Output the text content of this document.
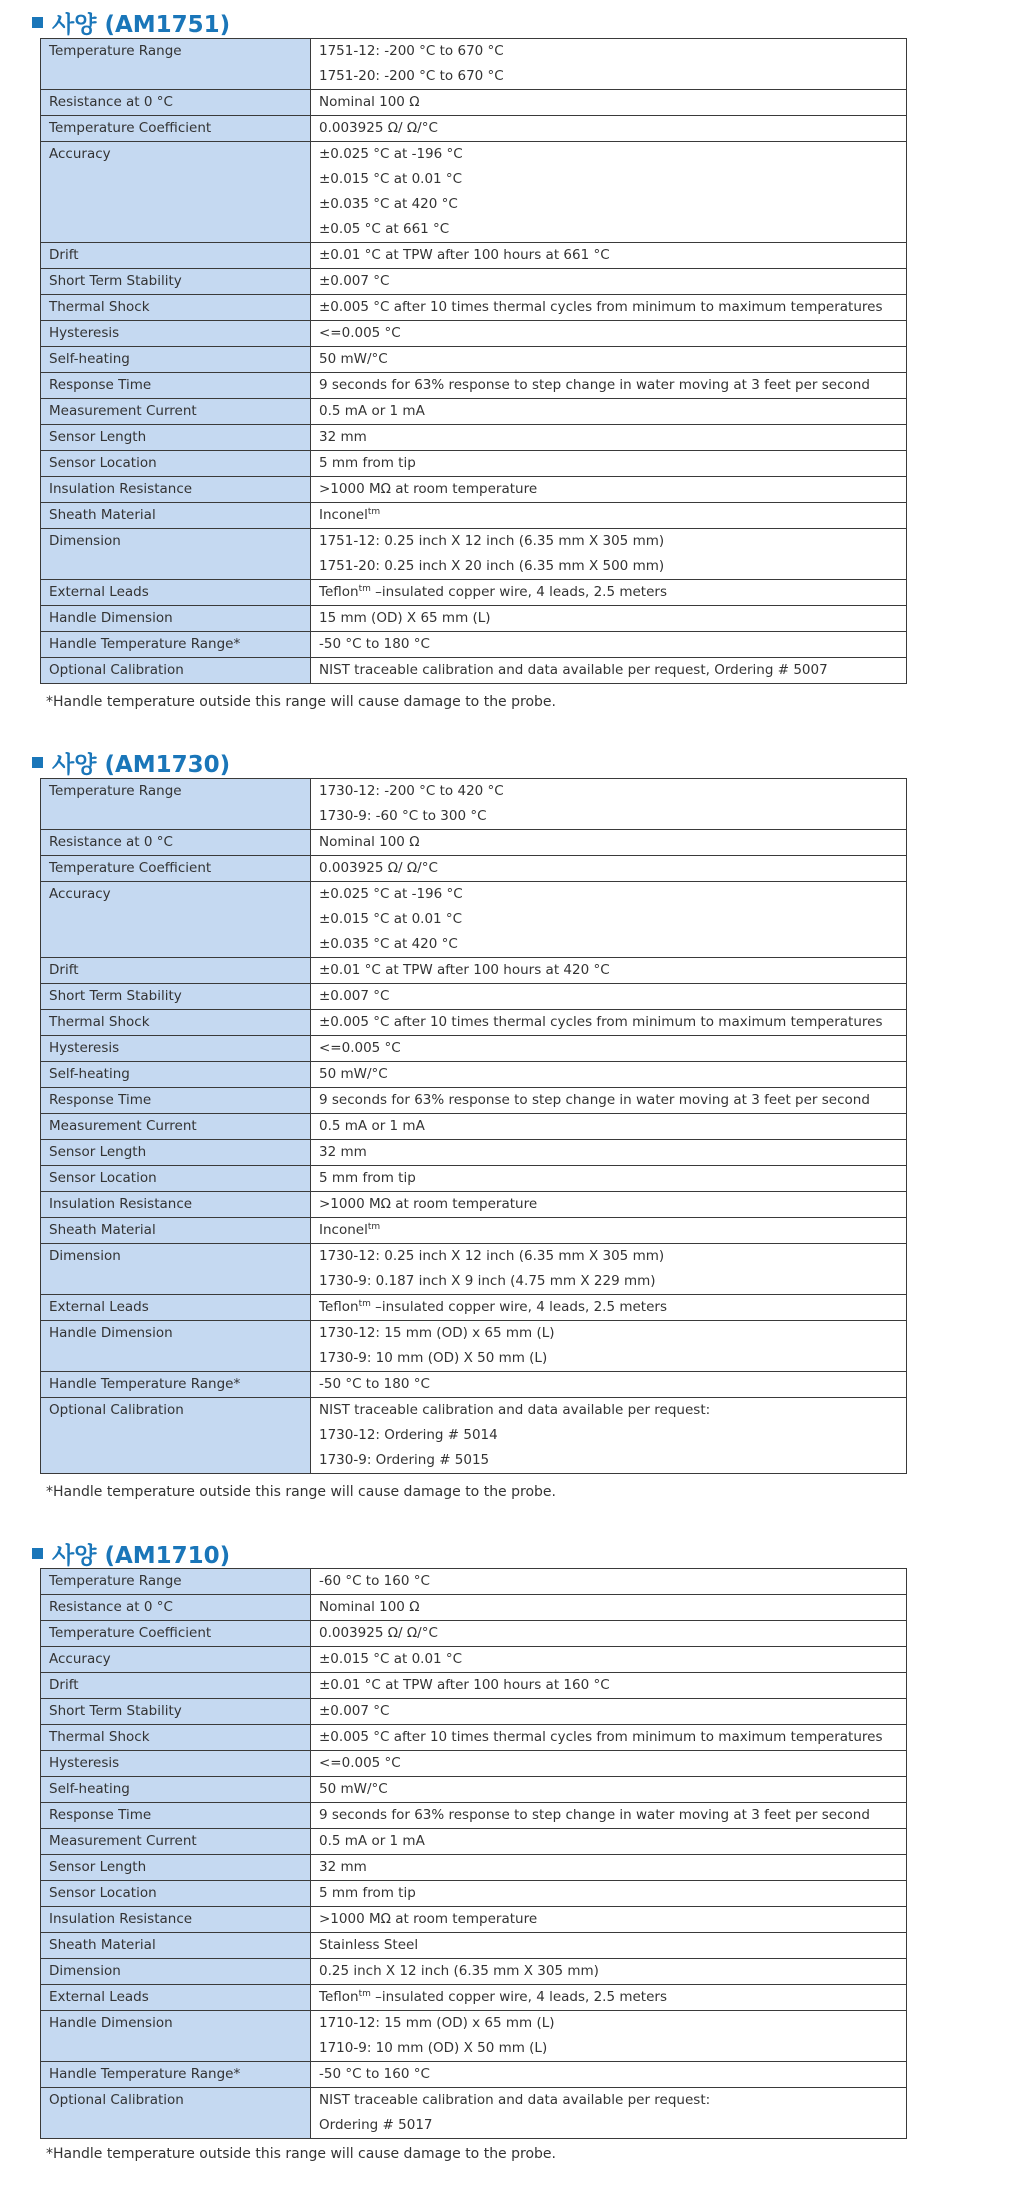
사양 (AM1751)
Temperature Range	1751-12: -200 °C to 670 °C
1751-20: -200 °C to 670 °C

Resistance at 0 °C	Nominal 100 Ω

Temperature Coefficient	0.003925 Ω/ Ω/°C

Accuracy	±0.025 °C at -196 °C
±0.015 °C at 0.01 °C
±0.035 °C at 420 °C
±0.05 °C at 661 °C

Drift	±0.01 °C at TPW after 100 hours at 661 °C

Short Term Stability	±0.007 °C

Thermal Shock	±0.005 °C after 10 times thermal cycles from minimum to maximum temperatures

Hysteresis	<=0.005 °C

Self-heating	50 mW/°C

Response Time	9 seconds for 63% response to step change in water moving at 3 feet per second

Measurement Current	0.5 mA or 1 mA

Sensor Length	32 mm

Sensor Location	5 mm from tip

Insulation Resistance	>1000 MΩ at room temperature

Sheath Material	Inconel$^{tm}$

Dimension	1751-12: 0.25 inch X 12 inch (6.35 mm X 305 mm)
1751-20: 0.25 inch X 20 inch (6.35 mm X 500 mm)

External Leads	Teflon$^{tm}$ –insulated copper wire, 4 leads, 2.5 meters

Handle Dimension	15 mm (OD) X 65 mm (L)

Handle Temperature Range*	-50 °C to 180 °C

Optional Calibration	NIST traceable calibration and data available per request, Ordering # 5007
*Handle temperature outside this range will cause damage to the probe.
사양 (AM1730)
Temperature Range	1730-12: -200 °C to 420 °C
1730-9: -60 °C to 300 °C

Resistance at 0 °C	Nominal 100 Ω

Temperature Coefficient	0.003925 Ω/ Ω/°C

Accuracy	±0.025 °C at -196 °C
±0.015 °C at 0.01 °C
±0.035 °C at 420 °C

Drift	±0.01 °C at TPW after 100 hours at 420 °C

Short Term Stability	±0.007 °C

Thermal Shock	±0.005 °C after 10 times thermal cycles from minimum to maximum temperatures

Hysteresis	<=0.005 °C

Self-heating	50 mW/°C

Response Time	9 seconds for 63% response to step change in water moving at 3 feet per second

Measurement Current	0.5 mA or 1 mA

Sensor Length	32 mm

Sensor Location	5 mm from tip

Insulation Resistance	>1000 MΩ at room temperature

Sheath Material	Inconel$^{tm}$

Dimension	1730-12: 0.25 inch X 12 inch (6.35 mm X 305 mm)
1730-9: 0.187 inch X 9 inch (4.75 mm X 229 mm)

External Leads	Teflon$^{tm}$ –insulated copper wire, 4 leads, 2.5 meters

Handle Dimension	1730-12: 15 mm (OD) x 65 mm (L)
1730-9: 10 mm (OD) X 50 mm (L)

Handle Temperature Range*	-50 °C to 180 °C

Optional Calibration	NIST traceable calibration and data available per request:
1730-12: Ordering # 5014
1730-9: Ordering # 5015
*Handle temperature outside this range will cause damage to the probe.
사양 (AM1710)
Temperature Range	-60 °C to 160 °C

Resistance at 0 °C	Nominal 100 Ω

Temperature Coefficient	0.003925 Ω/ Ω/°C

Accuracy	±0.015 °C at 0.01 °C

Drift	±0.01 °C at TPW after 100 hours at 160 °C

Short Term Stability	±0.007 °C

Thermal Shock	±0.005 °C after 10 times thermal cycles from minimum to maximum temperatures

Hysteresis	<=0.005 °C

Self-heating	50 mW/°C

Response Time	9 seconds for 63% response to step change in water moving at 3 feet per second

Measurement Current	0.5 mA or 1 mA

Sensor Length	32 mm

Sensor Location	5 mm from tip

Insulation Resistance	>1000 MΩ at room temperature

Sheath Material	Stainless Steel

Dimension	0.25 inch X 12 inch (6.35 mm X 305 mm)

External Leads	Teflon$^{tm}$ –insulated copper wire, 4 leads, 2.5 meters

Handle Dimension	1710-12: 15 mm (OD) x 65 mm (L)
1710-9: 10 mm (OD) X 50 mm (L)

Handle Temperature Range*	-50 °C to 160 °C

Optional Calibration	NIST traceable calibration and data available per request:
Ordering # 5017
*Handle temperature outside this range will cause damage to the probe.
